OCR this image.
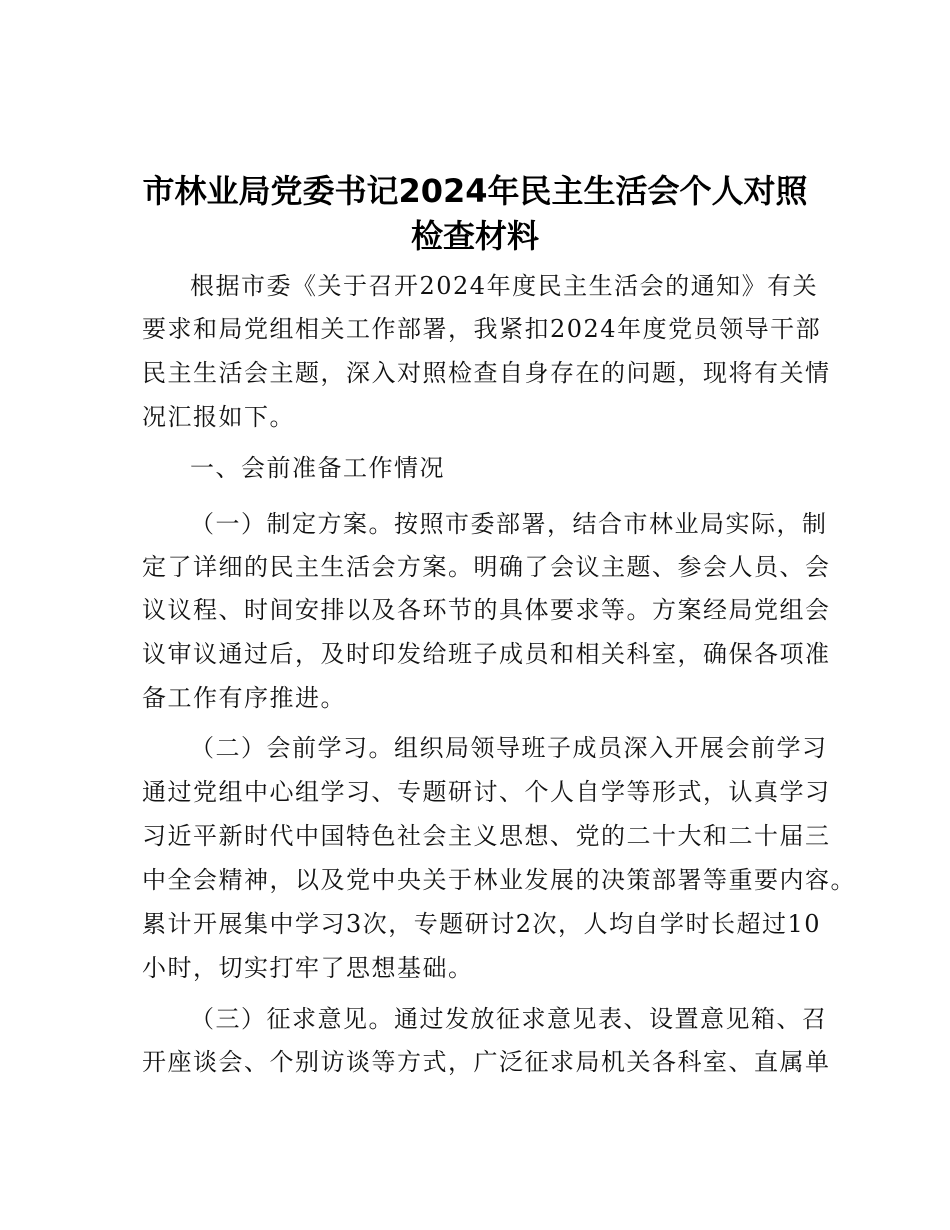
市林业局党委书记2024年民主生活会个人对照
检查材料
根据市委《关于召开2024年度民主生活会的通知》有关
要求和局党组相关工作部署，我紧扣2024年度党员领导干部
民主生活会主题，深入对照检查自身存在的问题，现将有关情
况汇报如下。
一、会前准备工作情况
（一）制定方案。按照市委部署，结合市林业局实际，制
定了详细的民主生活会方案。明确了会议主题、参会人员、会
议议程、时间安排以及各环节的具体要求等。方案经局党组会
议审议通过后，及时印发给班子成员和相关科室，确保各项准
备工作有序推进。
（二）会前学习。组织局领导班子成员深入开展会前学习
通过党组中心组学习、专题研讨、个人自学等形式，认真学习
习近平新时代中国特色社会主义思想、党的二十大和二十届三
中全会精神，以及党中央关于林业发展的决策部署等重要内容。
累计开展集中学习3次，专题研讨2次，人均自学时长超过10
小时，切实打牢了思想基础。
（三）征求意见。通过发放征求意见表、设置意见箱、召
开座谈会、个别访谈等方式，广泛征求局机关各科室、直属单
